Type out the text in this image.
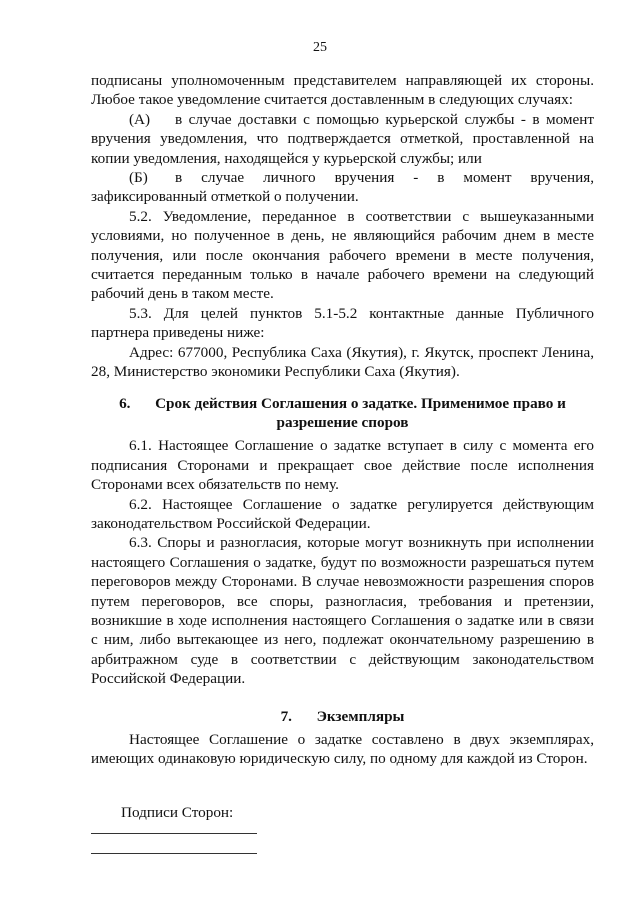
25

подписаны уполномоченным представителем направляющей их стороны. Любое такое уведомление считается доставленным в следующих случаях:

(А) в случае доставки с помощью курьерской службы - в момент вручения уведомления, что подтверждается отметкой, проставленной на копии уведомления, находящейся у курьерской службы; или

(Б) в случае личного вручения - в момент вручения, зафиксированный отметкой о получении.

5.2. Уведомление, переданное в соответствии с вышеуказанными условиями, но полученное в день, не являющийся рабочим днем в месте получения, или после окончания рабочего времени в месте получения, считается переданным только в начале рабочего времени на следующий рабочий день в таком месте.

5.3. Для целей пунктов 5.1-5.2 контактные данные Публичного партнера приведены ниже:

Адрес: 677000, Республика Саха (Якутия), г. Якутск, проспект Ленина, 28, Министерство экономики Республики Саха (Якутия).

6. Срок действия Соглашения о задатке. Применимое право и разрешение споров

6.1. Настоящее Соглашение о задатке вступает в силу с момента его подписания Сторонами и прекращает свое действие после исполнения Сторонами всех обязательств по нему.

6.2. Настоящее Соглашение о задатке регулируется действующим законодательством Российской Федерации.

6.3. Споры и разногласия, которые могут возникнуть при исполнении настоящего Соглашения о задатке, будут по возможности разрешаться путем переговоров между Сторонами. В случае невозможности разрешения споров путем переговоров, все споры, разногласия, требования и претензии, возникшие в ходе исполнения настоящего Соглашения о задатке или в связи с ним, либо вытекающее из него, подлежат окончательному разрешению в арбитражном суде в соответствии с действующим законодательством Российской Федерации.

7. Экземпляры

Настоящее Соглашение о задатке составлено в двух экземплярах, имеющих одинаковую юридическую силу, по одному для каждой из Сторон.

Подписи Сторон:
